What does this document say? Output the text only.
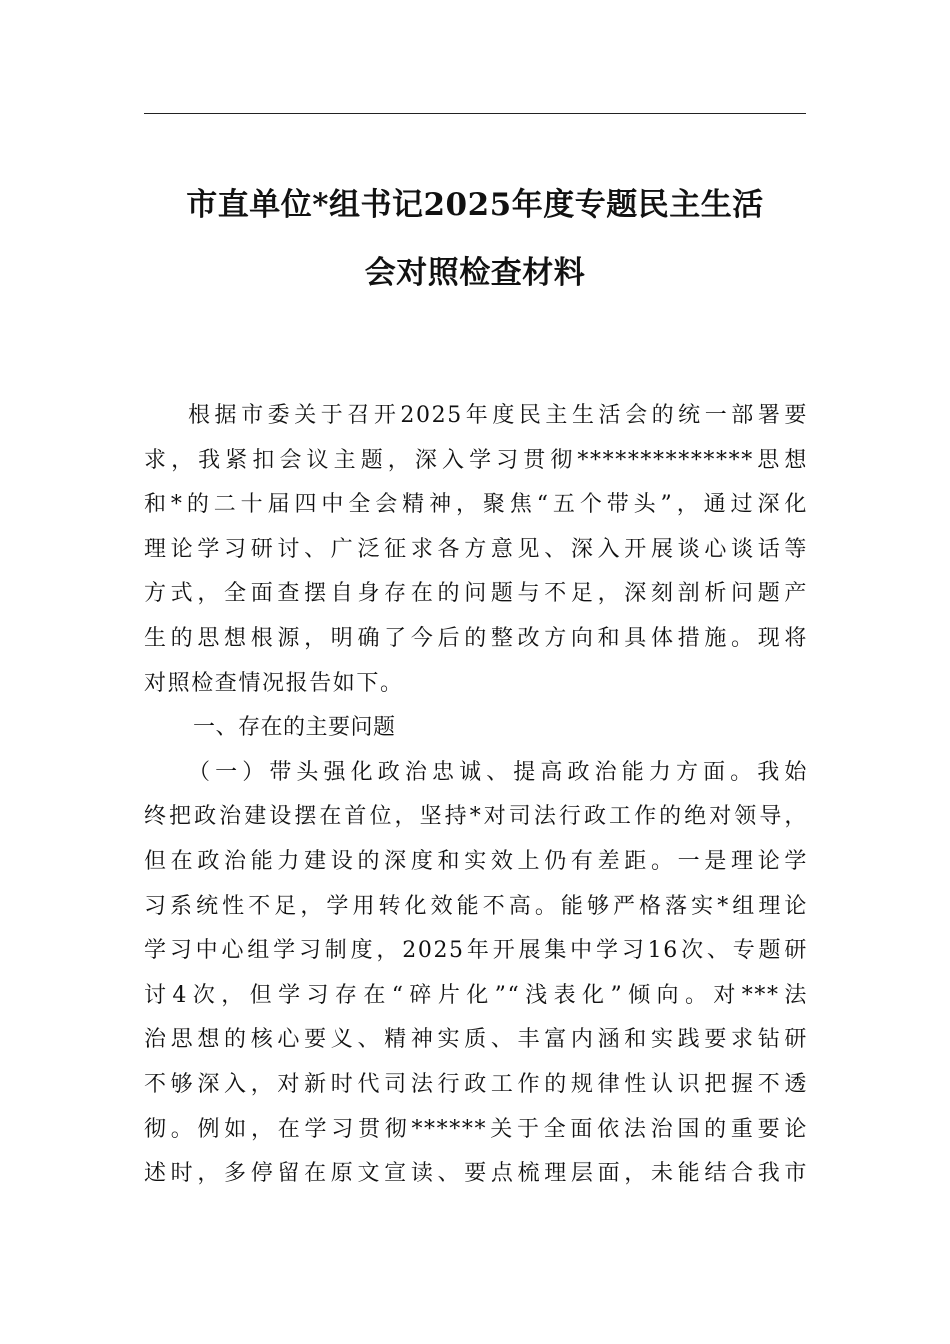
市直单位*组书记2025年度专题民主生活
会对照检查材料
根据市委关于召开2025年度民主生活会的统一部署要
求，我紧扣会议主题，深入学习贯彻**************思想
和*的二十届四中全会精神，聚焦“五个带头”，通过深化
理论学习研讨、广泛征求各方意见、深入开展谈心谈话等
方式，全面查摆自身存在的问题与不足，深刻剖析问题产
生的思想根源，明确了今后的整改方向和具体措施。现将
对照检查情况报告如下。
一、存在的主要问题
（一）带头强化政治忠诚、提高政治能力方面。我始
终把政治建设摆在首位，坚持*对司法行政工作的绝对领导，
但在政治能力建设的深度和实效上仍有差距。一是理论学
习系统性不足，学用转化效能不高。能够严格落实*组理论
学习中心组学习制度，2025年开展集中学习16次、专题研
讨4次，但学习存在“碎片化”“浅表化”倾向。对***法
治思想的核心要义、精神实质、丰富内涵和实践要求钻研
不够深入，对新时代司法行政工作的规律性认识把握不透
彻。例如，在学习贯彻******关于全面依法治国的重要论
述时，多停留在原文宣读、要点梳理层面，未能结合我市
